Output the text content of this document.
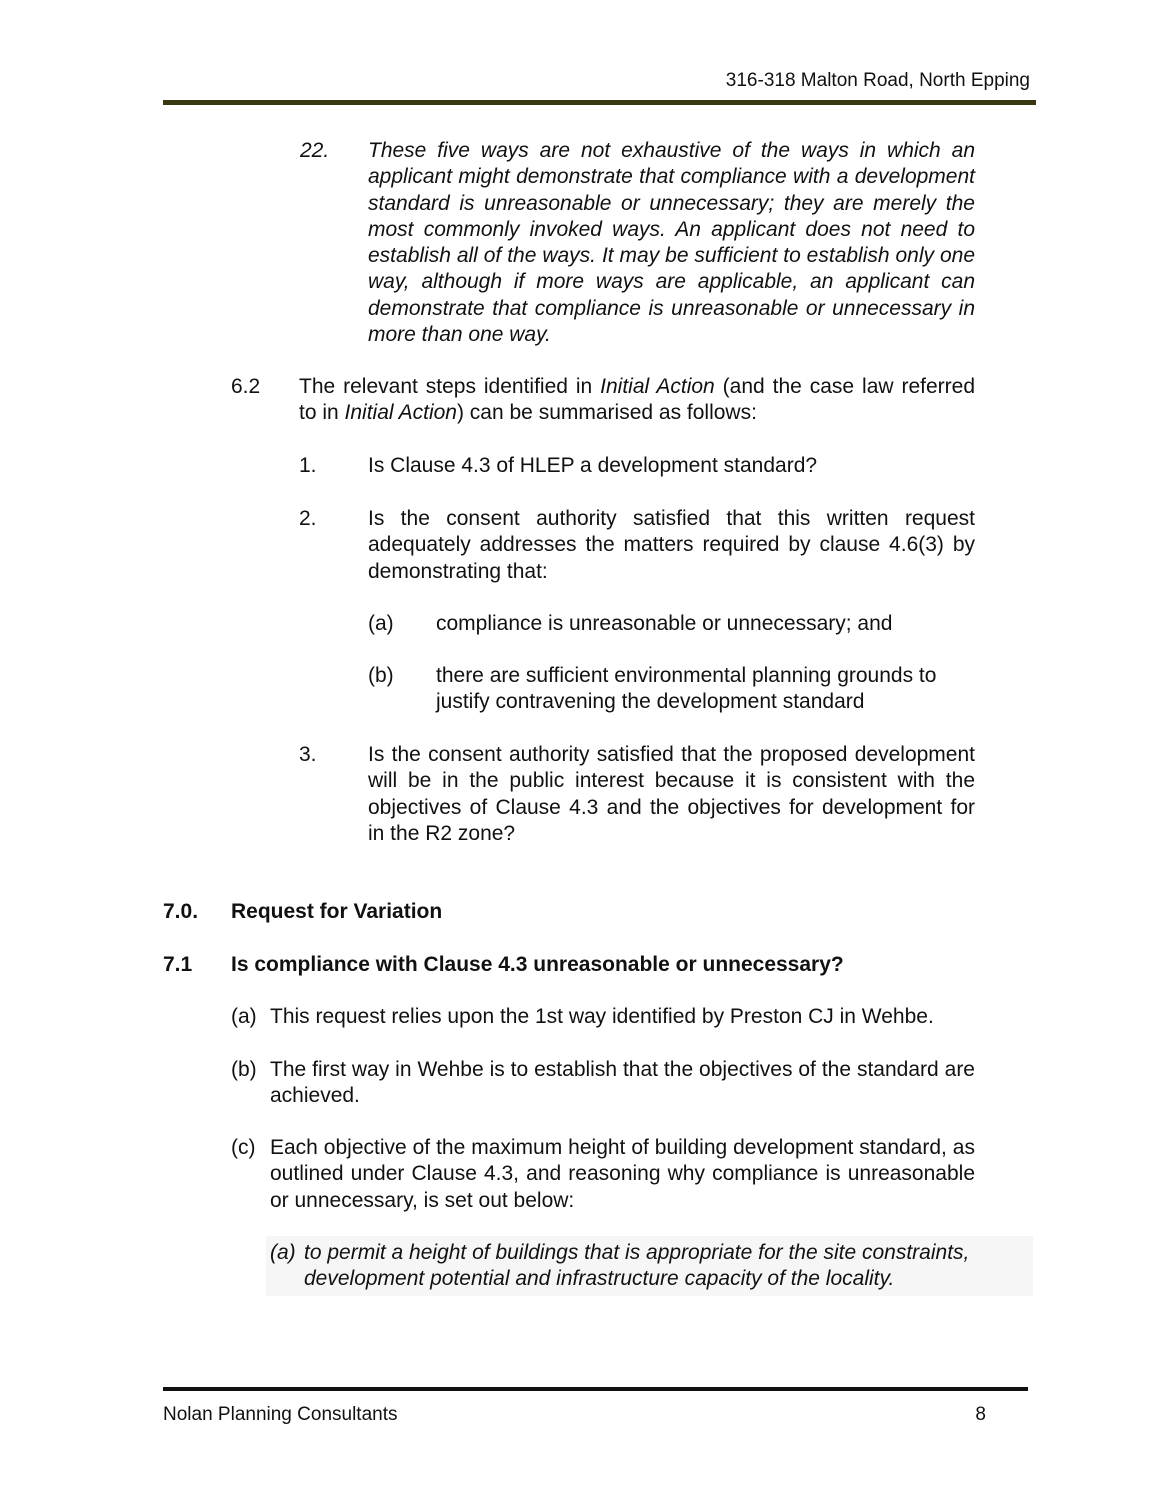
316-318 Malton Road, North Epping
22. These five ways are not exhaustive of the ways in which an applicant might demonstrate that compliance with a development standard is unreasonable or unnecessary; they are merely the most commonly invoked ways. An applicant does not need to establish all of the ways. It may be sufficient to establish only one way, although if more ways are applicable, an applicant can demonstrate that compliance is unreasonable or unnecessary in more than one way.
6.2 The relevant steps identified in Initial Action (and the case law referred to in Initial Action) can be summarised as follows:
1. Is Clause 4.3 of HLEP a development standard?
2. Is the consent authority satisfied that this written request adequately addresses the matters required by clause 4.6(3) by demonstrating that:
(a) compliance is unreasonable or unnecessary; and
(b) there are sufficient environmental planning grounds to justify contravening the development standard
3. Is the consent authority satisfied that the proposed development will be in the public interest because it is consistent with the objectives of Clause 4.3 and the objectives for development for in the R2 zone?
7.0. Request for Variation
7.1 Is compliance with Clause 4.3 unreasonable or unnecessary?
(a) This request relies upon the 1st way identified by Preston CJ in Wehbe.
(b) The first way in Wehbe is to establish that the objectives of the standard are achieved.
(c) Each objective of the maximum height of building development standard, as outlined under Clause 4.3, and reasoning why compliance is unreasonable or unnecessary, is set out below:
(a) to permit a height of buildings that is appropriate for the site constraints, development potential and infrastructure capacity of the locality.
Nolan Planning Consultants	8
